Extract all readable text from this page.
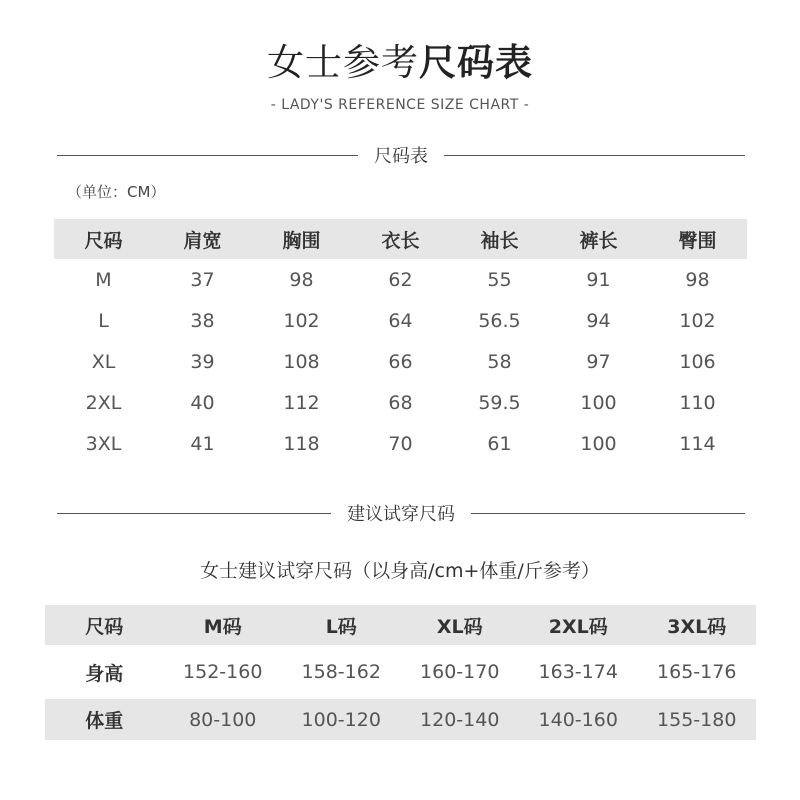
女士参考尺码表
- LADY'S REFERENCE SIZE CHART -
尺码表
（单位：CM）
尺码	肩宽	胸围	衣长	袖长	裤长	臀围
M	37	98	62	55	91	98
L	38	102	64	56.5	94	102
XL	39	108	66	58	97	106
2XL	40	112	68	59.5	100	110
3XL	41	118	70	61	100	114
建议试穿尺码
女士建议试穿尺码（以身高/cm+体重/斤参考）
尺码	M码	L码	XL码	2XL码	3XL码
身高	152-160	158-162	160-170	163-174	165-176
体重	80-100	100-120	120-140	140-160	155-180
